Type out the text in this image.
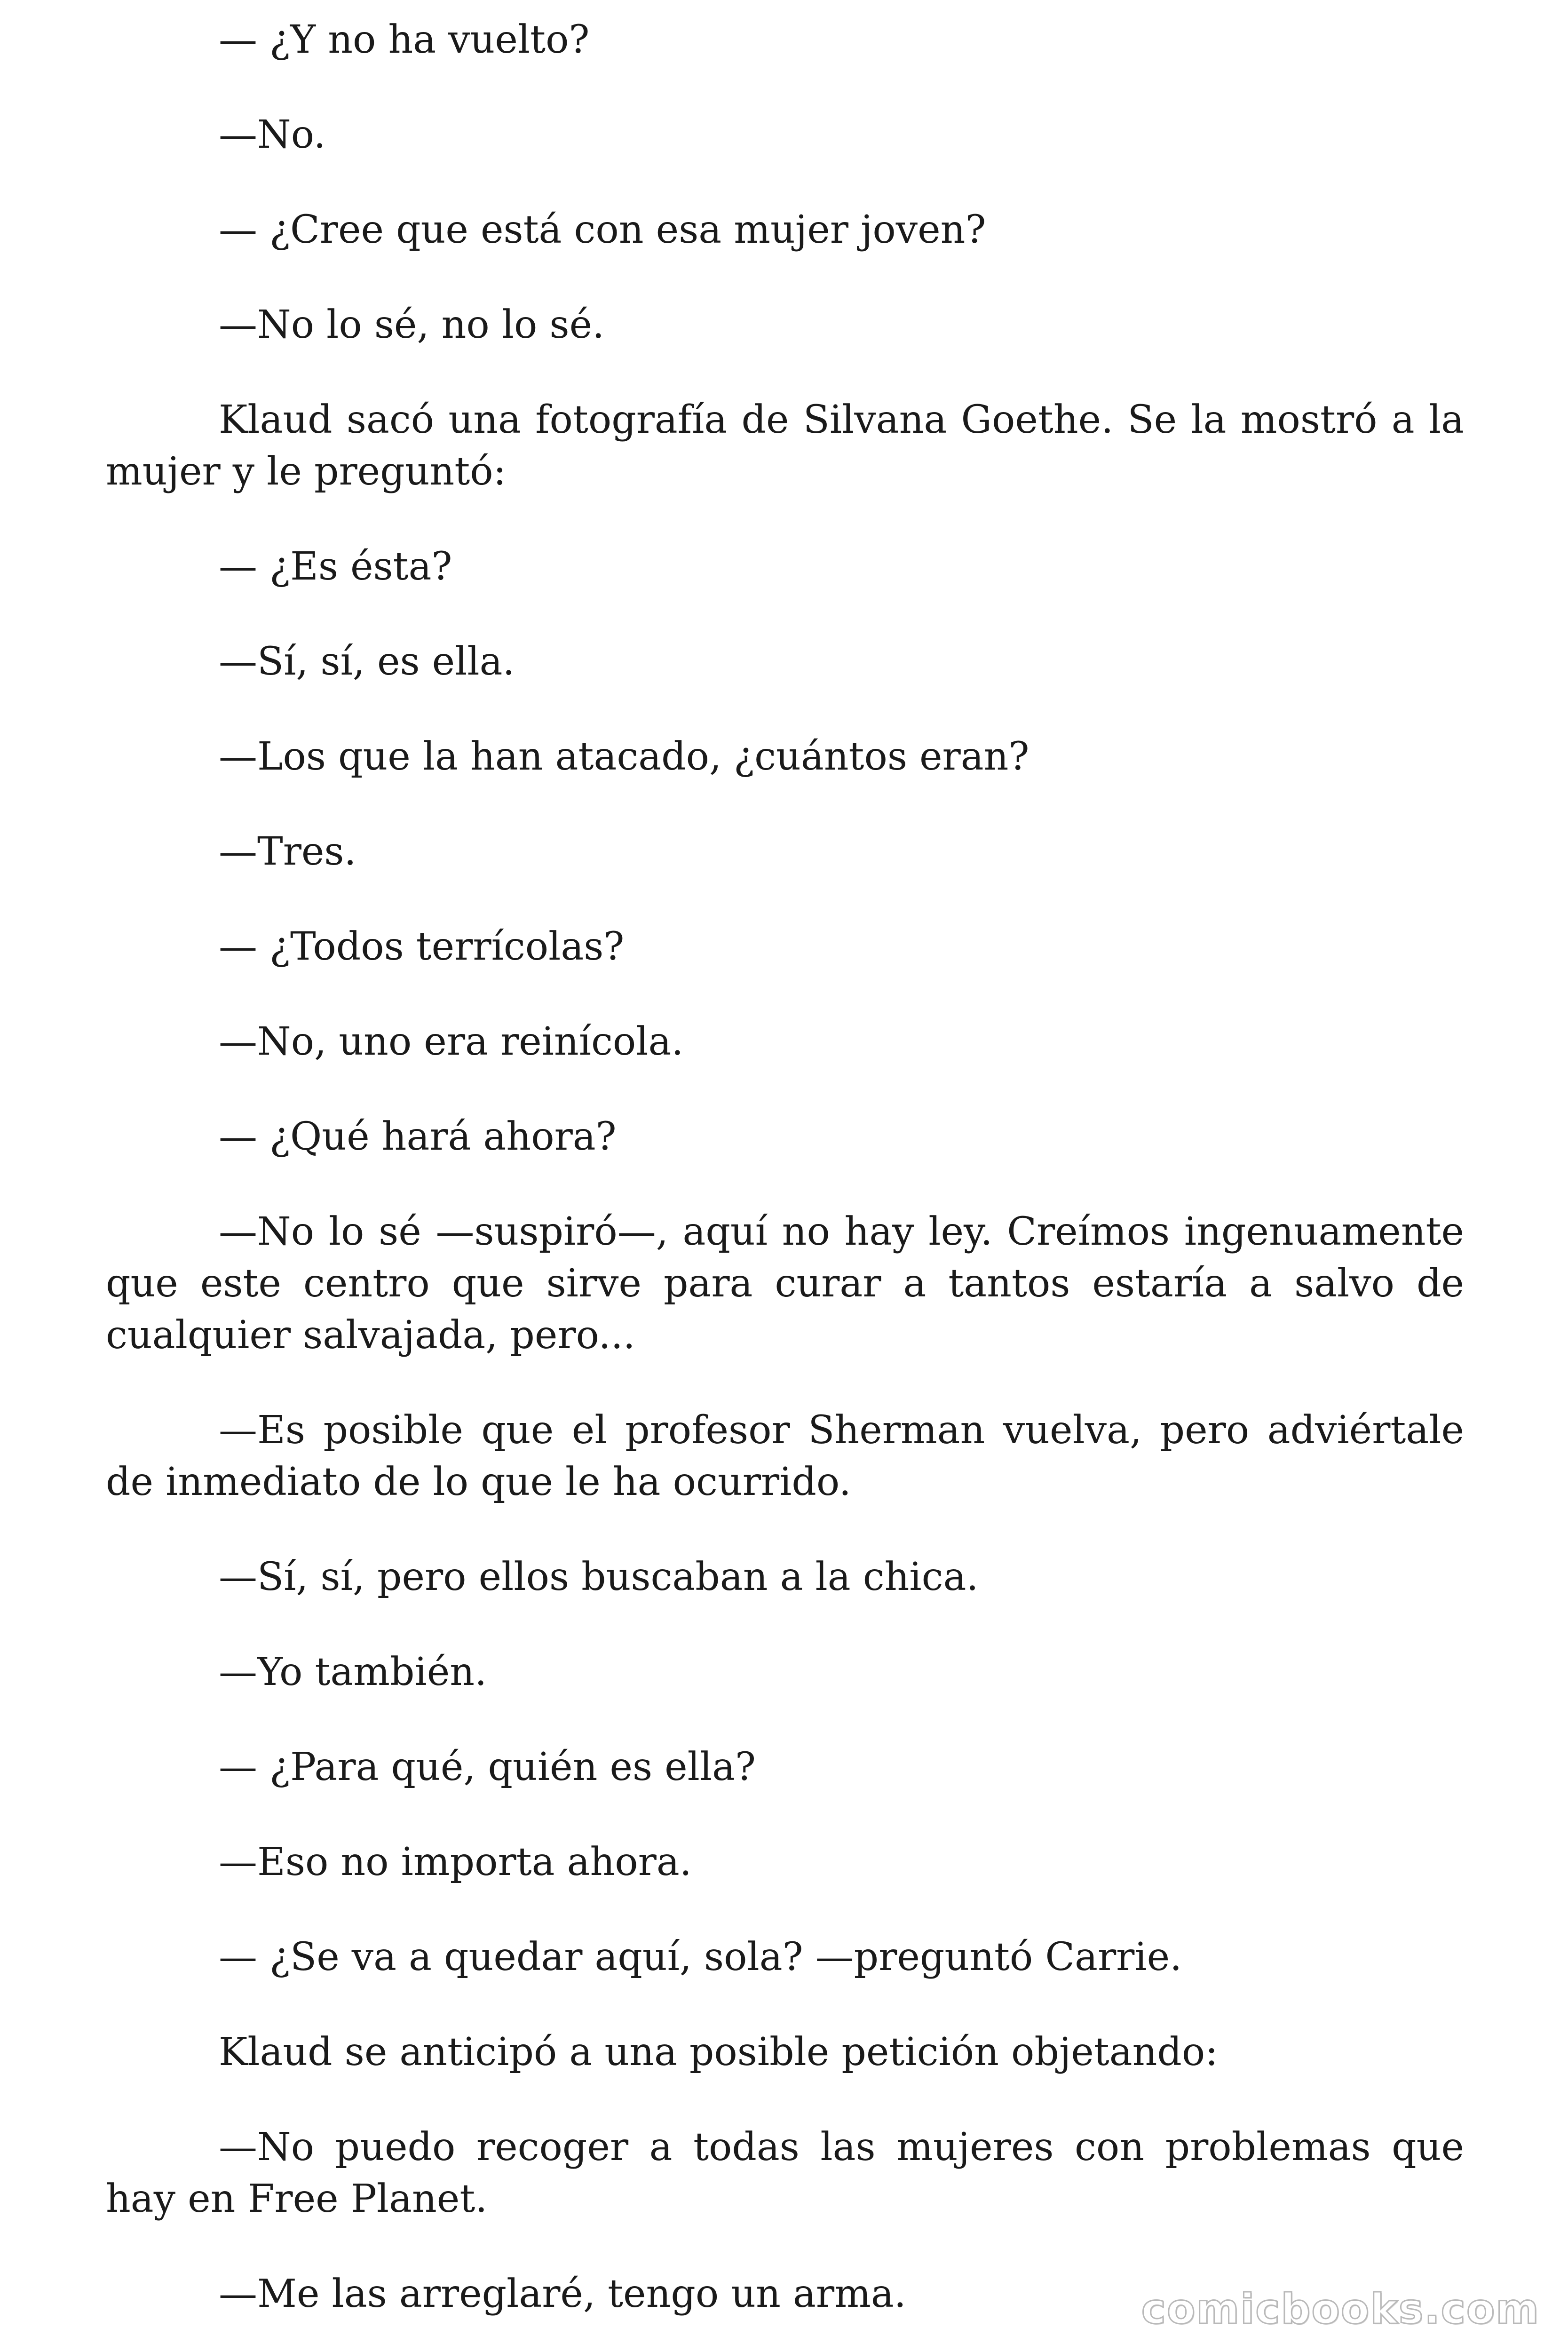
— ¿Y no ha vuelto?

—No.

— ¿Cree que está con esa mujer joven?

—No lo sé, no lo sé.

Klaud sacó una fotografía de Silvana Goethe. Se la mostró a la mujer y le preguntó:

— ¿Es ésta?

—Sí, sí, es ella.

—Los que la han atacado, ¿cuántos eran?

—Tres.

— ¿Todos terrícolas?

—No, uno era reinícola.

— ¿Qué hará ahora?

—No lo sé —suspiró—, aquí no hay ley. Creímos ingenuamente que este centro que sirve para curar a tantos estaría a salvo de cualquier salvajada, pero...

—Es posible que el profesor Sherman vuelva, pero adviértale de inmediato de lo que le ha ocurrido.

—Sí, sí, pero ellos buscaban a la chica.

—Yo también.

— ¿Para qué, quién es ella?

—Eso no importa ahora.

— ¿Se va a quedar aquí, sola? —preguntó Carrie.

Klaud se anticipó a una posible petición objetando:

—No puedo recoger a todas las mujeres con problemas que hay en Free Planet.

—Me las arreglaré, tengo un arma.	comicbooks.com
